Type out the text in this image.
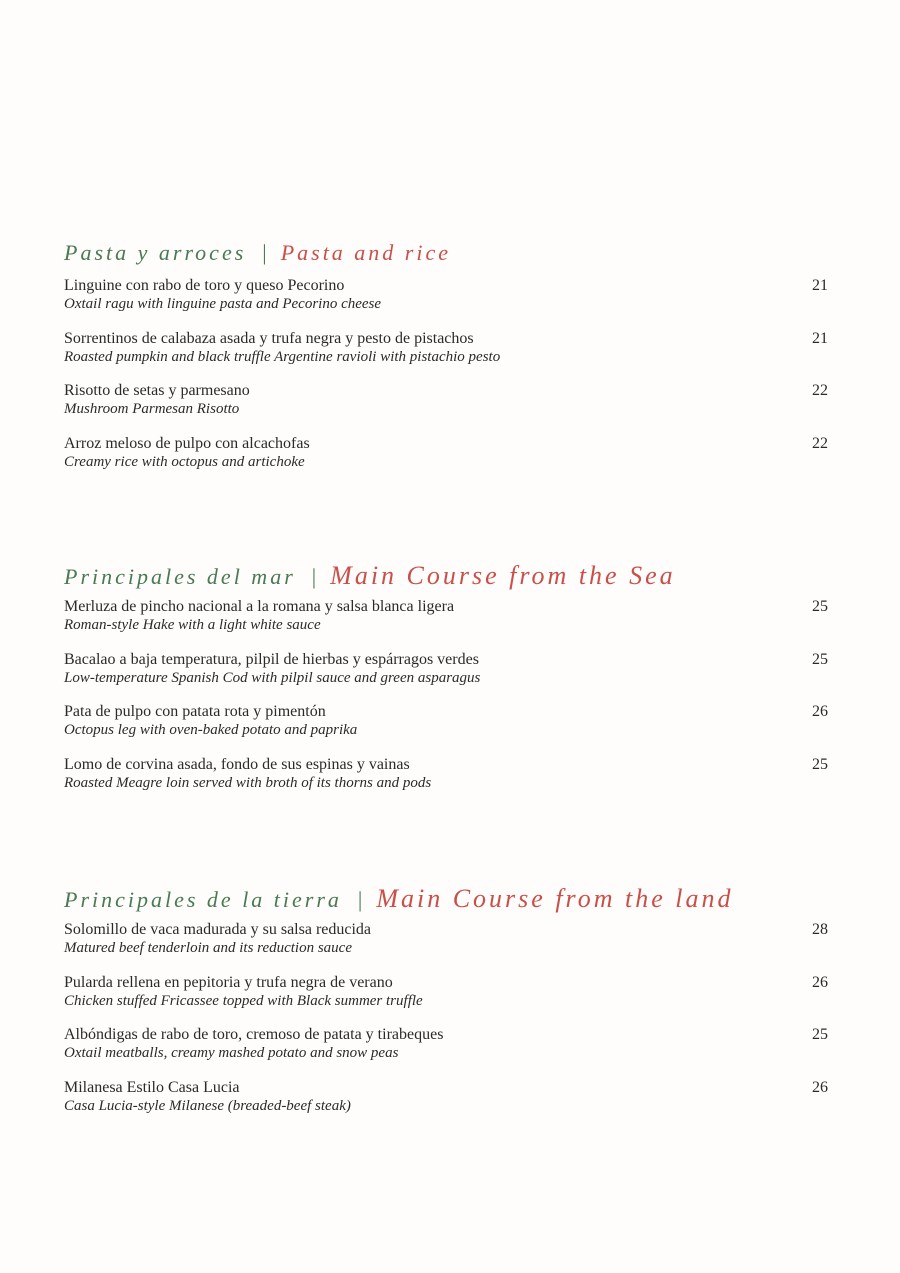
Pasta y arroces | Pasta and rice
Linguine con rabo de toro y queso Pecorino
Oxtail ragu with linguine pasta and Pecorino cheese
21
Sorrentinos de calabaza asada y trufa negra y pesto de pistachos
Roasted pumpkin and black truffle Argentine ravioli with pistachio pesto
21
Risotto de setas y parmesano
Mushroom Parmesan Risotto
22
Arroz meloso de pulpo con alcachofas
Creamy rice with octopus and artichoke
22
Principales del mar | Main Course from the Sea
Merluza de pincho nacional a la romana y salsa blanca ligera
Roman-style Hake with a light white sauce
25
Bacalao a baja temperatura, pilpil de hierbas y espárragos verdes
Low-temperature Spanish Cod with pilpil sauce and green asparagus
25
Pata de pulpo con patata rota y pimentón
Octopus leg with oven-baked potato and paprika
26
Lomo de corvina asada, fondo de sus espinas y vainas
Roasted Meagre loin served with broth of its thorns and pods
25
Principales de la tierra | Main Course from the land
Solomillo de vaca madurada y su salsa reducida
Matured beef tenderloin and its reduction sauce
28
Pularda rellena en pepitoria y trufa negra de verano
Chicken stuffed Fricassee topped with Black summer truffle
26
Albóndigas de rabo de toro, cremoso de patata y tirabeques
Oxtail meatballs, creamy mashed potato and snow peas
25
Milanesa Estilo Casa Lucia
Casa Lucia-style Milanese (breaded-beef steak)
26
